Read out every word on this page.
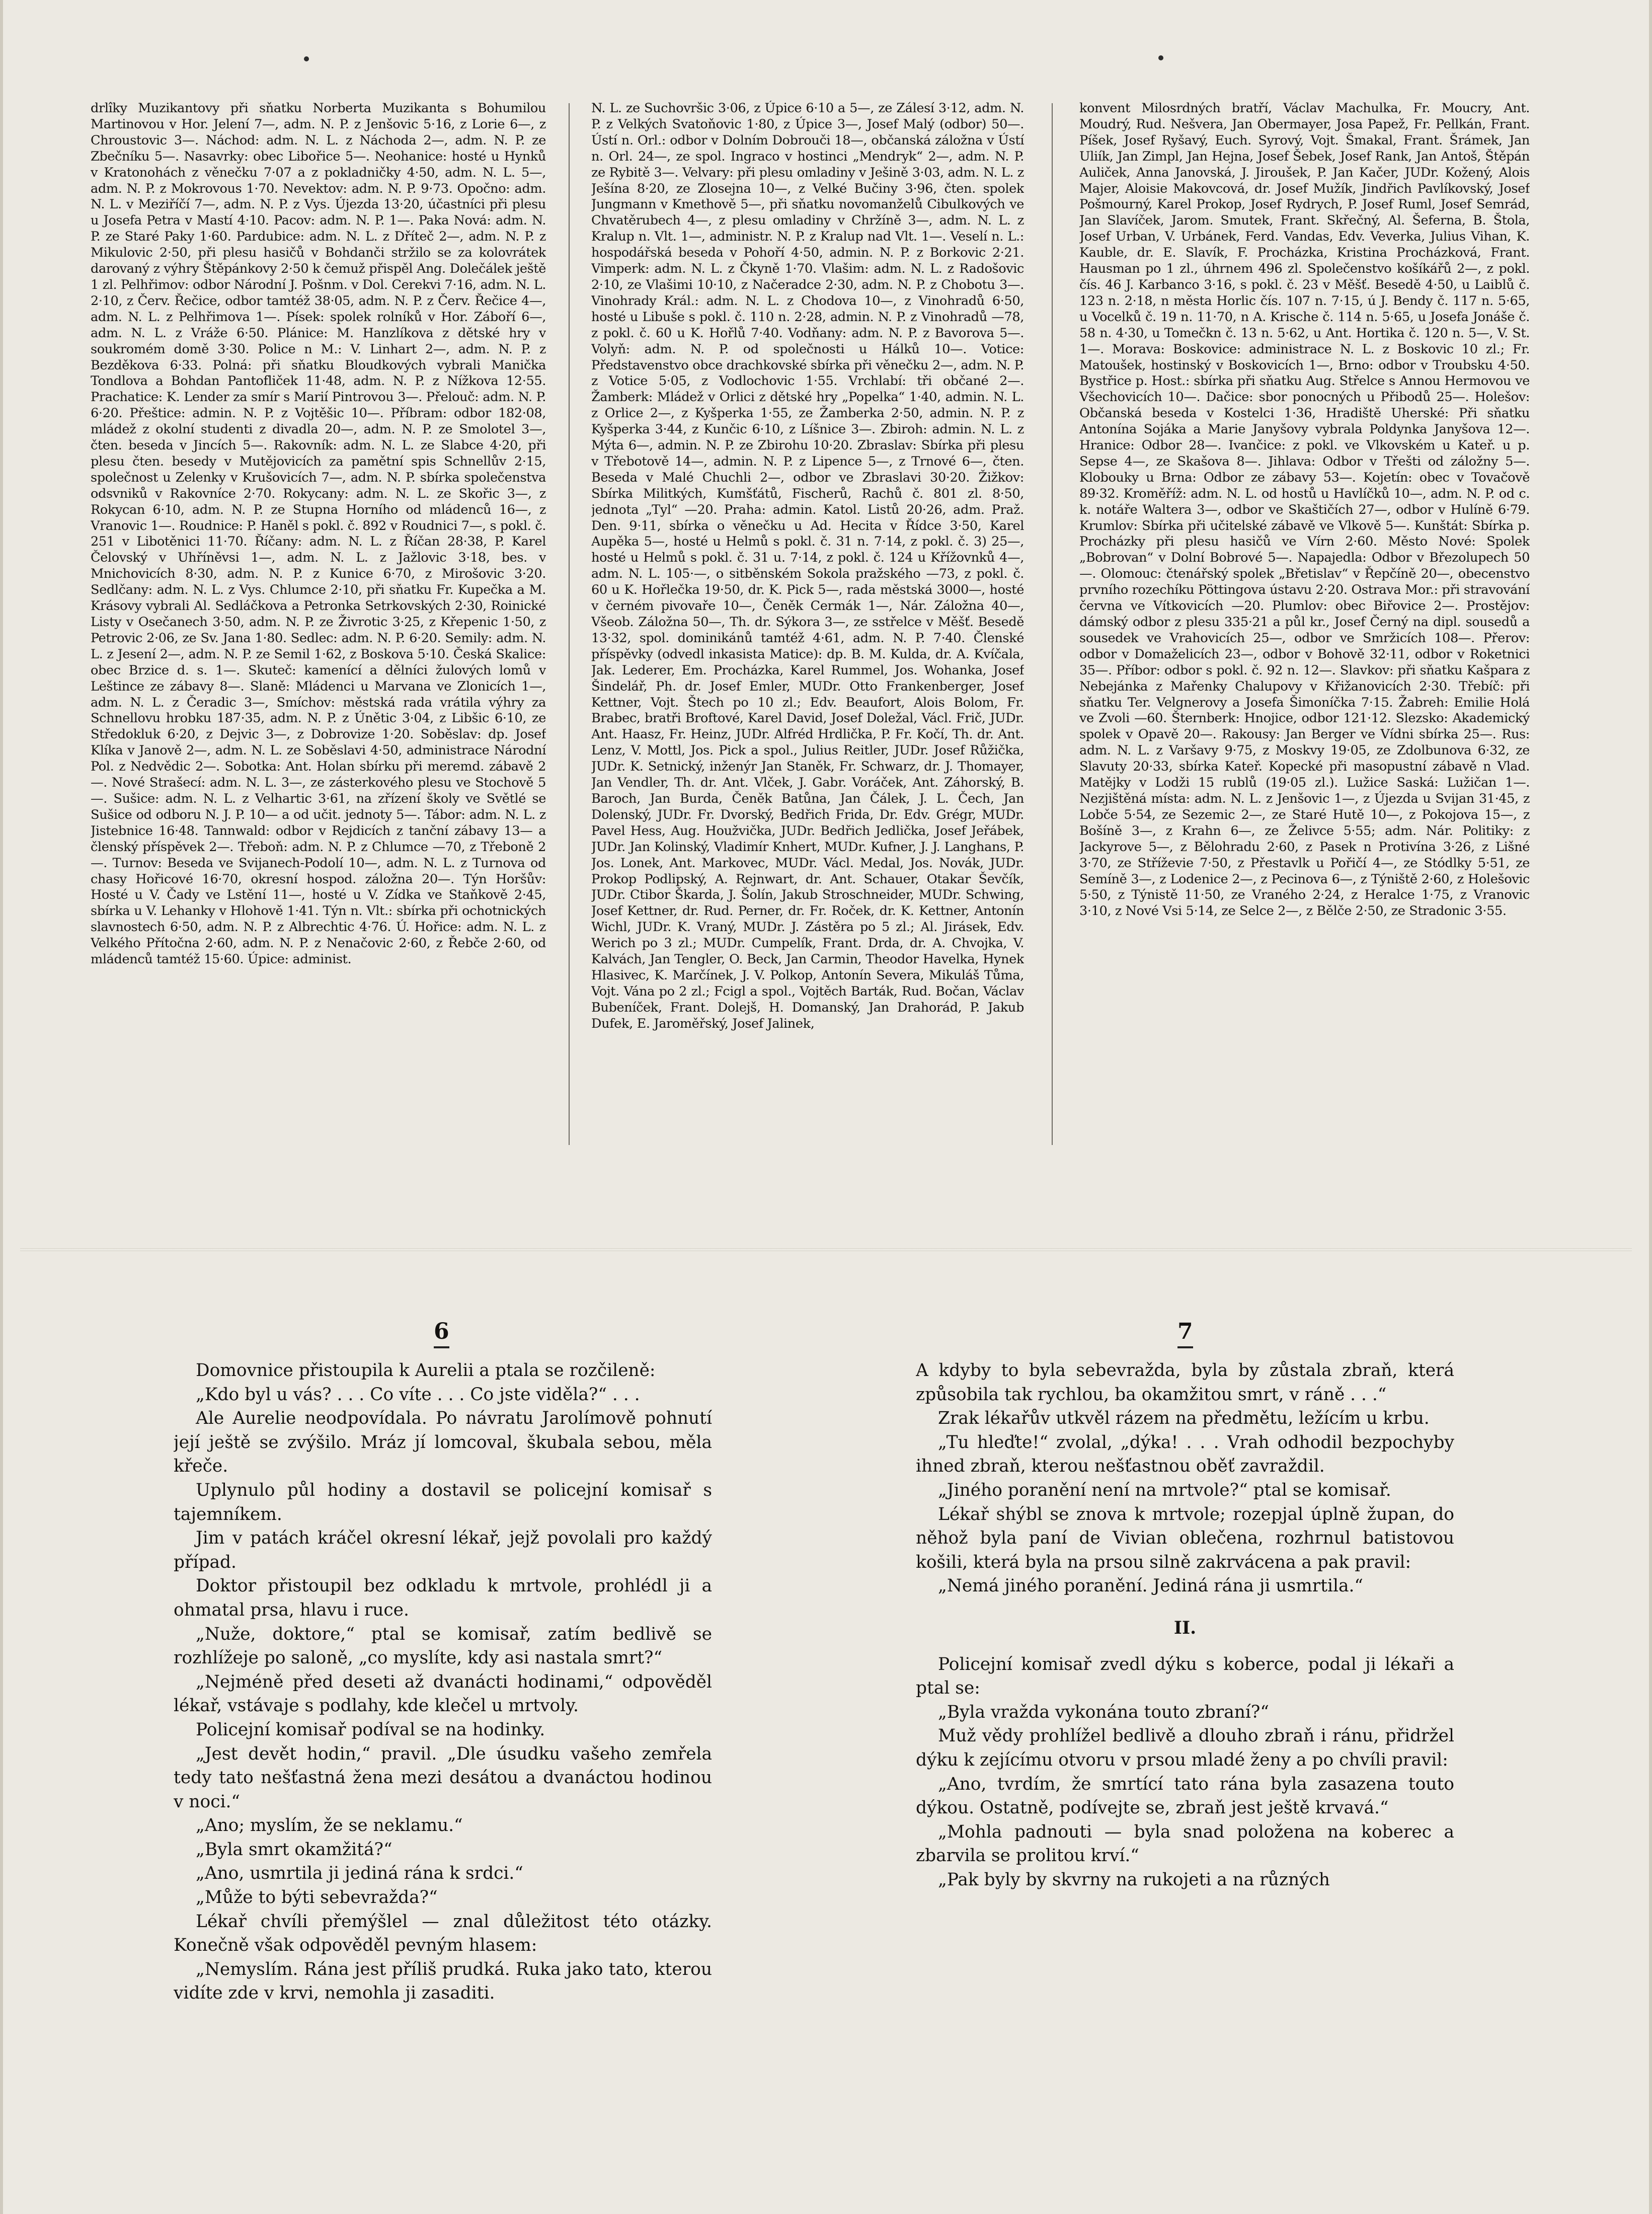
drlîky Muzikantovy při sňatku Norberta Muzikanta s Bohumilou Martinovou v Hor. Jelení 7—, adm. N. P. z Jenšovic 5·16, z Lorie 6—, z Chroustovic 3—. Náchod: adm. N. L. z Náchoda 2—, adm. N. P. ze Zbečníku 5—. Nasavrky: obec Libořice 5—. Neohanice: hosté u Hynků v Kratonohách z věnečku 7·07 a z pokladničky 4·50, adm. N. L. 5—, adm. N. P. z Mokrovous 1·70. Nevektov: adm. N. P. 9·73. Opočno: adm. N. L. v Meziříčí 7—, adm. N. P. z Vys. Újezda 13·20, účastníci při plesu u Josefa Petra v Mastí 4·10. Pacov: adm. N. P. 1—. Paka Nová: adm. N. P. ze Staré Paky 1·60. Pardubice: adm. N. L. z Dříteč 2—, adm. N. P. z Mikulovic 2·50, při plesu hasičů v Bohdanči stržilo se za kolovrátek darovaný z výhry Štěpánkovy 2·50 k čemuž přispěl Ang. Dolečálek ještě 1 zl. Pelhřimov: odbor Národní J. Pošnm. v Dol. Cerekvi 7·16, adm. N. L. 2·10, z Červ. Řečice, odbor tamtéž 38·05, adm. N. P. z Červ. Řečice 4—, adm. N. L. z Pelhřimova 1—. Písek: spolek rolníků v Hor. Záboří 6—, adm. N. L. z Vráže 6·50. Plánice: M. Hanzlíkova z dětské hry v soukromém domě 3·30. Police n M.: V. Linhart 2—, adm. N. P. z Bezděkova 6·33. Polná: při sňatku Bloudkových vybrali Manička Tondlova a Bohdan Pantofliček 11·48, adm. N. P. z Nížkova 12·55. Prachatice: K. Lender za smír s Marií Pintrovou 3—. Přelouč: adm. N. P. 6·20. Přeštice: admin. N. P. z Vojtěšic 10—. Příbram: odbor 182·08, mládež z okolní studenti z divadla 20—, adm. N. P. ze Smolotel 3—, čten. beseda v Jincích 5—. Rakovník: adm. N. L. ze Slabce 4·20, při plesu čten. besedy v Mutějovicích za pamětní spis Schnellův 2·15, společnost u Zelenky v Krušovicích 7—, adm. N. P. sbírka společenstva odsvniků v Rakovníce 2·70. Rokycany: adm. N. L. ze Skořic 3—, z Rokycan 6·10, adm. N. P. ze Stupna Horního od mládenců 16—, z Vranovic 1—. Roudnice: P. Haněl s pokl. č. 892 v Roudnici 7—, s pokl. č. 251 v Libotěnici 11·70. Říčany: adm. N. L. z Říčan 28·38, P. Karel Čelovský v Uhříněvsi 1—, adm. N. L. z Jažlovic 3·18, bes. v Mnichovicích 8·30, adm. N. P. z Kunice 6·70, z Mirošovic 3·20. Sedlčany: adm. N. L. z Vys. Chlumce 2·10, při sňatku Fr. Kupečka a M. Krásovy vybrali Al. Sedláčkova a Petronka Setrkovských 2·30, Roinické Listy v Osečanech 3·50, adm. N. P. ze Živrotic 3·25, z Křepenic 1·50, z Petrovic 2·06, ze Sv. Jana 1·80. Sedlec: adm. N. P. 6·20. Semily: adm. N. L. z Jesení 2—, adm. N. P. ze Semil 1·62, z Boskova 5·10. Česká Skalice: obec Brzice d. s. 1—. Skuteč: kamenící a dělníci žulových lomů v Leštince ze zábavy 8—. Slaně: Mládenci u Marvana ve Zlonicích 1—, adm. N. L. z Čeradic 3—, Smíchov: městská rada vrátila výhry za Schnellovu hrobku 187·35, adm. N. P. z Únětic 3·04, z Libšic 6·10, ze Středokluk 6·20, z Dejvic 3—, z Dobrovize 1·20. Soběslav: dp. Josef Klíka v Janově 2—, adm. N. L. ze Soběslavi 4·50, administrace Národní Pol. z Nedvědic 2—. Sobotka: Ant. Holan sbírku při meremd. zábavě 2—. Nové Strašecí: adm. N. L. 3—, ze zásterkového plesu ve Stochově 5—. Sušice: adm. N. L. z Velhartic 3·61, na zřízení školy ve Světlé se Sušice od odboru N. J. P. 10— a od učit. jednoty 5—. Tábor: adm. N. L. z Jistebnice 16·48. Tannwald: odbor v Rejdicích z tanční zábavy 13— a členský příspěvek 2—. Třeboň: adm. N. P. z Chlumce —70, z Třeboně 2—. Turnov: Beseda ve Svijanech-Podolí 10—, adm. N. L. z Turnova od chasy Hořicové 16·70, okresní hospod. záložna 20—. Týn Horšův: Hosté u V. Čady ve Lstění 11—, hosté u V. Zídka ve Staňkově 2·45, sbírka u V. Lehanky v Hlohově 1·41. Týn n. Vlt.: sbírka při ochotnických slavnostech 6·50, adm. N. P. z Albrechtic 4·76. Ú. Hořice: adm. N. L. z Velkého Přítočna 2·60, adm. N. P. z Nenačovic 2·60, z Řebče 2·60, od mládenců tamtéž 15·60. Úpice: administ.

N. L. ze Suchovršic 3·06, z Úpice 6·10 a 5—, ze Zálesí 3·12, adm. N. P. z Velkých Svatoňovic 1·80, z Úpice 3—, Josef Malý (odbor) 50—. Ústí n. Orl.: odbor v Dolním Dobrouči 18—, občanská záložna v Ústí n. Orl. 24—, ze spol. Ingraco v hostinci „Mendryk“ 2—, adm. N. P. ze Rybitě 3—. Velvary: při plesu omladiny v Ješině 3·03, adm. N. L. z Ješína 8·20, ze Zlosejna 10—, z Velké Bučiny 3·96, čten. spolek Jungmann v Kmethově 5—, při sňatku novomanželů Cibulkových ve Chvatěrubech 4—, z plesu omladiny v Chržíně 3—, adm. N. L. z Kralup n. Vlt. 1—, administr. N. P. z Kralup nad Vlt. 1—. Veselí n. L.: hospodářská beseda v Pohoří 4·50, admin. N. P. z Borkovic 2·21. Vimperk: adm. N. L. z Čkyně 1·70. Vlašim: adm. N. L. z Radošovic 2·10, ze Vlašimi 10·10, z Načeradce 2·30, adm. N. P. z Chobotu 3—. Vinohrady Král.: adm. N. L. z Chodova 10—, z Vinohradů 6·50, hosté u Libuše s pokl. č. 110 n. 2·28, admin. N. P. z Vinohradů —78, z pokl. č. 60 u K. Hořlů 7·40. Vodňany: adm. N. P. z Bavorova 5—. Volyň: adm. N. P. od společnosti u Hálků 10—. Votice: Představenstvo obce drachkovské sbírka při věnečku 2—, adm. N. P. z Votice 5·05, z Vodlochovic 1·55. Vrchlabí: tři občané 2—. Žamberk: Mládež v Orlici z dětské hry „Popelka“ 1·40, admin. N. L. z Orlice 2—, z Kyšperka 1·55, ze Žamberka 2·50, admin. N. P. z Kyšperka 3·44, z Kunčic 6·10, z Líšnice 3—. Zbiroh: admin. N. L. z Mýta 6—, admin. N. P. ze Zbirohu 10·20. Zbraslav: Sbírka při plesu v Třebotově 14—, admin. N. P. z Lipence 5—, z Trnové 6—, čten. Beseda v Malé Chuchli 2—, odbor ve Zbraslavi 30·20. Žižkov: Sbírka Militkých, Kumšťátů, Fischerů, Rachů č. 801 zl. 8·50, jednota „Tyl“ —20. Praha: admin. Katol. Listů 20·26, adm. Praž. Den. 9·11, sbírka o věnečku u Ad. Hecita v Řídce 3·50, Karel Aupěka 5—, hosté u Helmů s pokl. č. 31 n. 7·14, z pokl. č. 3) 25—, hosté u Helmů s pokl. č. 31 u. 7·14, z pokl. č. 124 u Křížovnků 4—, adm. N. L. 105·—, o sitběnském Sokola pražského —73, z pokl. č. 60 u K. Hořlečka 19·50, dr. K. Pick 5—, rada městská 3000—, hosté v černém pivovaře 10—, Čeněk Cermák 1—, Nár. Záložna 40—, Všeob. Záložna 50—, Th. dr. Sýkora 3—, ze sstřelce v Měšť. Besedě 13·32, spol. dominikánů tamtéž 4·61, adm. N. P. 7·40. Členské příspěvky (odvedl inkasista Matice): dp. B. M. Kulda, dr. A. Kvíčala, Jak. Lederer, Em. Procházka, Karel Rummel, Jos. Wohanka, Josef Šindelář, Ph. dr. Josef Emler, MUDr. Otto Frankenberger, Josef Kettner, Vojt. Štech po 10 zl.; Edv. Beaufort, Alois Bolom, Fr. Brabec, bratři Broftové, Karel David, Josef Doležal, Václ. Frič, JUDr. Ant. Haasz, Fr. Heinz, JUDr. Alfréd Hrdlička, P. Fr. Kočí, Th. dr. Ant. Lenz, V. Mottl, Jos. Pick a spol., Julius Reitler, JUDr. Josef Růžička, JUDr. K. Setnický, inženýr Jan Staněk, Fr. Schwarz, dr. J. Thomayer, Jan Vendler, Th. dr. Ant. Vlček, J. Gabr. Voráček, Ant. Záhorský, B. Baroch, Jan Burda, Čeněk Batůna, Jan Čálek, J. L. Čech, Jan Dolenský, JUDr. Fr. Dvorský, Bedřich Frida, Dr. Edv. Grégr, MUDr. Pavel Hess, Aug. Houžvička, JUDr. Bedřich Jedlička, Josef Jeřábek, JUDr. Jan Kolinský, Vladimír Knhert, MUDr. Kufner, J. J. Langhans, P. Jos. Lonek, Ant. Markovec, MUDr. Václ. Medal, Jos. Novák, JUDr. Prokop Podlipský, A. Rejnwart, dr. Ant. Schauer, Otakar Ševčík, JUDr. Ctibor Škarda, J. Šolín, Jakub Stroschneider, MUDr. Schwing, Josef Kettner, dr. Rud. Perner, dr. Fr. Roček, dr. K. Kettner, Antonín Wichl, JUDr. K. Vraný, MUDr. J. Zástěra po 5 zl.; Al. Jirásek, Edv. Werich po 3 zl.; MUDr. Cumpelík, Frant. Drda, dr. A. Chvojka, V. Kalvách, Jan Tengler, O. Beck, Jan Carmin, Theodor Havelka, Hynek Hlasivec, K. Marčínek, J. V. Polkop, Antonín Severa, Mikuláš Tůma, Vojt. Vána po 2 zl.; Fcigl a spol., Vojtěch Barták, Rud. Bočan, Václav Bubeníček, Frant. Dolejš, H. Domanský, Jan Drahorád, P. Jakub Dufek, E. Jaroměřský, Josef Jalinek,

konvent Milosrdných bratří, Václav Machulka, Fr. Moucry, Ant. Moudrý, Rud. Nešvera, Jan Obermayer, Josa Papež, Fr. Pellkán, Frant. Píšek, Josef Ryšavý, Euch. Syrový, Vojt. Šmakal, Frant. Šrámek, Jan Uliík, Jan Zimpl, Jan Hejna, Josef Šebek, Josef Rank, Jan Antoš, Štěpán Auliček, Anna Janovská, J. Jiroušek, P. Jan Kačer, JUDr. Kožený, Alois Majer, Aloisie Makovcová, dr. Josef Mužík, Jindřich Pavlíkovský, Josef Pošmourný, Karel Prokop, Josef Rydrych, P. Josef Ruml, Josef Semrád, Jan Slavíček, Jarom. Smutek, Frant. Skřečný, Al. Šeferna, B. Štola, Josef Urban, V. Urbánek, Ferd. Vandas, Edv. Veverka, Julius Vihan, K. Kauble, dr. E. Slavík, F. Procházka, Kristina Procházková, Frant. Hausman po 1 zl., úhrnem 496 zl. Společenstvo košíkářů 2—, z pokl. čís. 46 J. Karbanco 3·16, s pokl. č. 23 v Měšť. Besedě 4·50, u Laiblů č. 123 n. 2·18, n města Horlic čís. 107 n. 7·15, ú J. Bendy č. 117 n. 5·65, u Vocelků č. 19 n. 11·70, n A. Krische č. 114 n. 5·65, u Josefa Jonáše č. 58 n. 4·30, u Tomečkn č. 13 n. 5·62, u Ant. Hortika č. 120 n. 5—, V. St. 1—. Morava: Boskovice: administrace N. L. z Boskovic 10 zl.; Fr. Matoušek, hostinský v Boskovicích 1—, Brno: odbor v Troubsku 4·50. Bystřice p. Host.: sbírka při sňatku Aug. Střelce s Annou Hermovou ve Všechovicích 10—. Dačice: sbor ponocných u Přibodů 25—. Holešov: Občanská beseda v Kostelci 1·36, Hradiště Uherské: Při sňatku Antonína Sojáka a Marie Janyšovy vybrala Poldynka Janyšova 12—. Hranice: Odbor 28—. Ivančice: z pokl. ve Vlkovském u Kateř. u p. Sepse 4—, ze Skašova 8—. Jihlava: Odbor v Třešti od záložny 5—. Klobouky u Brna: Odbor ze zábavy 53—. Kojetín: obec v Tovačově 89·32. Kroměříž: adm. N. L. od hostů u Havlíčků 10—, adm. N. P. od c. k. notáře Waltera 3—, odbor ve Skaštičích 27—, odbor v Hulíně 6·79. Krumlov: Sbírka při učitelské zábavě ve Vlkově 5—. Kunštát: Sbírka p. Procházky při plesu hasičů ve Vírn 2·60. Město Nové: Spolek „Bobrovan“ v Dolní Bobrové 5—. Napajedla: Odbor v Březolupech 50—. Olomouc: čtenářský spolek „Břetislav“ v Řepčíně 20—, obecenstvo prvního rozechíku Pöttingova ústavu 2·20. Ostrava Mor.: při stravování června ve Vítkovicích —20. Plumlov: obec Biřovice 2—. Prostějov: dámský odbor z plesu 335·21 a půl kr., Josef Černý na dipl. sousedů a sousedek ve Vrahovicích 25—, odbor ve Smržicích 108—. Přerov: odbor v Domaželicích 23—, odbor v Bohově 32·11, odbor v Roketnici 35—. Příbor: odbor s pokl. č. 92 n. 12—. Slavkov: při sňatku Kašpara z Nebejánka z Mařenky Chalupovy v Křižanovicích 2·30. Třebíč: při sňatku Ter. Velgnerovy a Josefa Šimoníčka 7·15. Žabreh: Emilie Holá ve Zvoli —60. Šternberk: Hnojice, odbor 121·12. Slezsko: Akademický spolek v Opavě 20—. Rakousy: Jan Berger ve Vídni sbírka 25—. Rus: adm. N. L. z Varšavy 9·75, z Moskvy 19·05, ze Zdolbunova 6·32, ze Slavuty 20·33, sbírka Kateř. Kopecké při masopustní zábavě n Vlad. Matějky v Lodži 15 rublů (19·05 zl.). Lužice Saská: Lužičan 1—. Nezjištěná místa: adm. N. L. z Jenšovic 1—, z Újezda u Svijan 31·45, z Lobče 5·54, ze Sezemic 2—, ze Staré Hutě 10—, z Pokojova 15—, z Bošíně 3—, z Krahn 6—, ze Želivce 5·55; adm. Nár. Politiky: z Jackyrove 5—, z Bělohradu 2·60, z Pasek n Protivína 3·26, z Lišné 3·70, ze Stříževie 7·50, z Přestavlk u Pořičí 4—, ze Stódlky 5·51, ze Semíně 3—, z Lodenice 2—, z Pecinova 6—, z Týniště 2·60, z Holešovic 5·50, z Týnistě 11·50, ze Vraného 2·24, z Heralce 1·75, z Vranovic 3·10, z Nové Vsi 5·14, ze Selce 2—, z Bělče 2·50, ze Stradonic 3·55.

6	7

Domovnice přistoupila k Aurelii a ptala se rozčileně:

„Kdo byl u vás? . . . Co víte . . . Co jste viděla?“ . . .

Ale Aurelie neodpovídala. Po návratu Jarolímově pohnutí její ještě se zvýšilo. Mráz jí lomcoval, škubala sebou, měla křeče.

Uplynulo půl hodiny a dostavil se policejní komisař s tajemníkem.

Jim v patách kráčel okresní lékař, jejž povolali pro každý případ.

Doktor přistoupil bez odkladu k mrtvole, prohlédl ji a ohmatal prsa, hlavu i ruce.

„Nuže, doktore,“ ptal se komisař, zatím bedlivě se rozhlížeje po saloně, „co myslíte, kdy asi nastala smrt?“

„Nejméně před deseti až dvanácti hodinami,“ odpověděl lékař, vstávaje s podlahy, kde klečel u mrtvoly.

Policejní komisař podíval se na hodinky.

„Jest devět hodin,“ pravil. „Dle úsudku vašeho zemřela tedy tato nešťastná žena mezi desátou a dvanáctou hodinou v noci.“

„Ano; myslím, že se neklamu.“

„Byla smrt okamžitá?“

„Ano, usmrtila ji jediná rána k srdci.“

„Může to býti sebevražda?“

Lékař chvíli přemýšlel — znal důležitost této otázky. Konečně však odpověděl pevným hlasem:

„Nemyslím. Rána jest příliš prudká. Ruka jako tato, kterou vidíte zde v krvi, nemohla ji zasaditi.

A kdyby to byla sebevražda, byla by zůstala zbraň, která způsobila tak rychlou, ba okamžitou smrt, v ráně . . .“

Zrak lékařův utkvěl rázem na předmětu, ležícím u krbu.

„Tu hleďte!“ zvolal, „dýka! . . . Vrah odhodil bezpochyby ihned zbraň, kterou nešťastnou oběť zavraždil.

„Jiného poranění není na mrtvole?“ ptal se komisař.

Lékař shýbl se znova k mrtvole; rozepjal úplně župan, do něhož byla paní de Vivian oblečena, rozhrnul batistovou košili, která byla na prsou silně zakrvácena a pak pravil:

„Nemá jiného poranění. Jediná rána ji usmrtila.“

II.

Policejní komisař zvedl dýku s koberce, podal ji lékaři a ptal se:

„Byla vražda vykonána touto zbraní?“

Muž vědy prohlížel bedlivě a dlouho zbraň i ránu, přidržel dýku k zejícímu otvoru v prsou mladé ženy a po chvíli pravil:

„Ano, tvrdím, že smrtící tato rána byla zasazena touto dýkou. Ostatně, podívejte se, zbraň jest ještě krvavá.“

„Mohla padnouti — byla snad položena na koberec a zbarvila se prolitou krví.“

„Pak byly by skvrny na rukojeti a na různých
